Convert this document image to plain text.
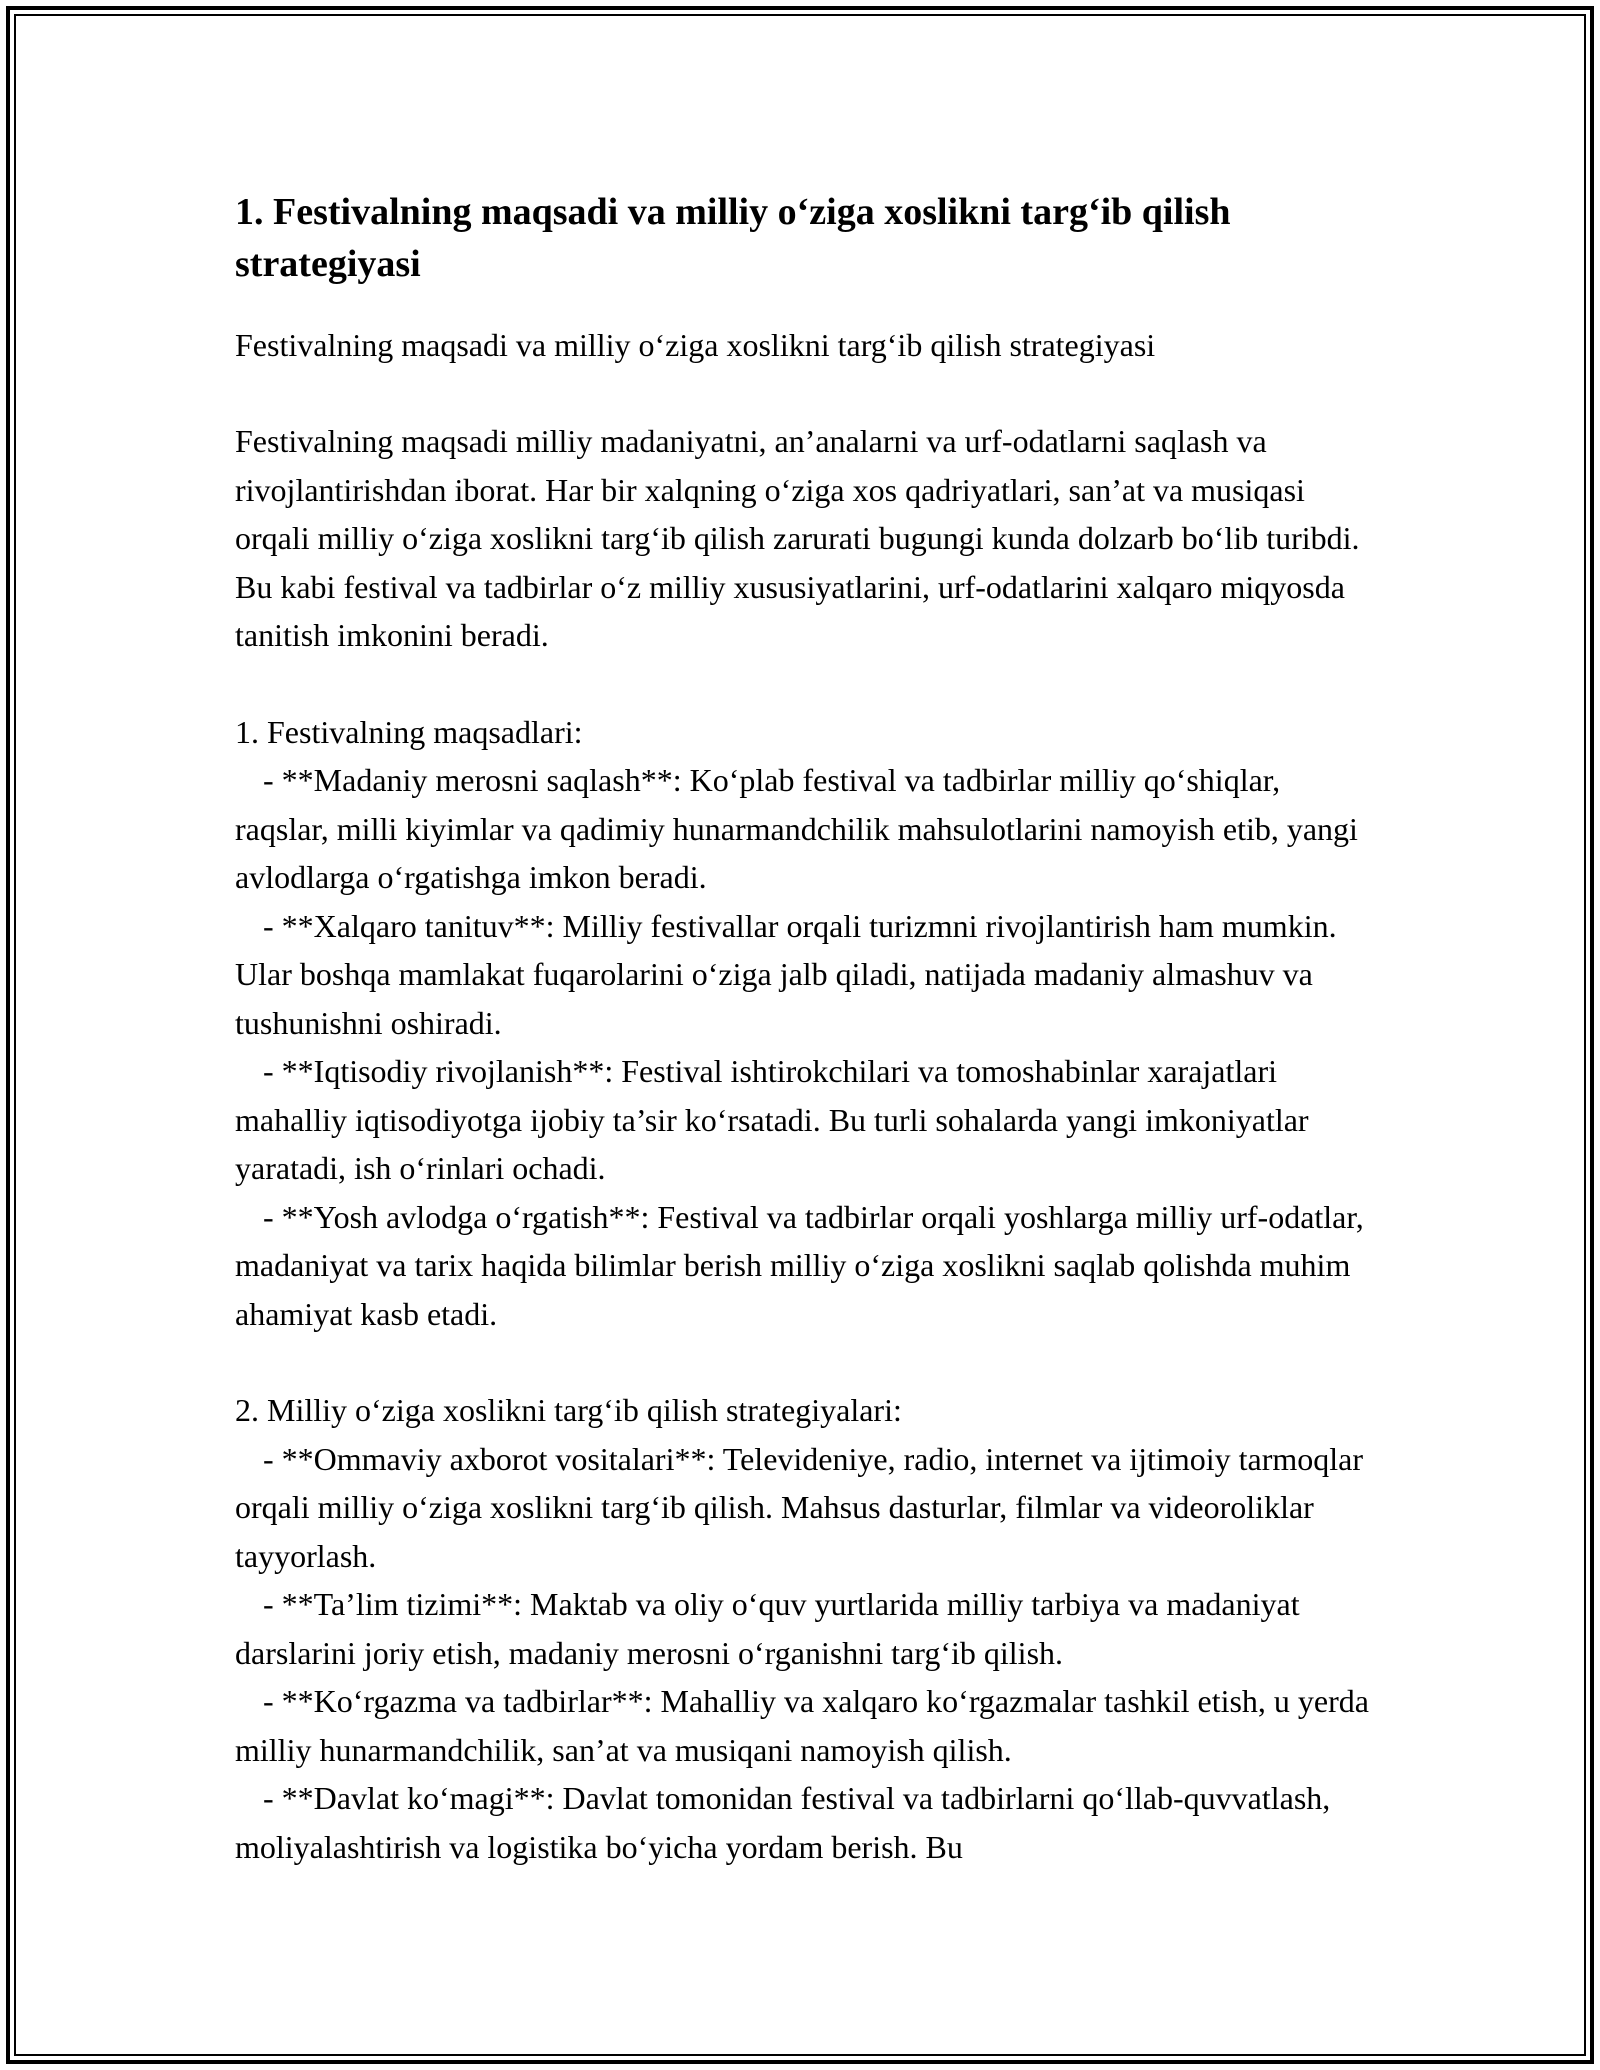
1. Festivalning maqsadi va milliy o‘ziga xoslikni targ‘ib qilish strategiyasi

Festivalning maqsadi va milliy o‘ziga xoslikni targ‘ib qilish strategiyasi

Festivalning maqsadi milliy madaniyatni, an’analarni va urf-odatlarni saqlash va rivojlantirishdan iborat. Har bir xalqning o‘ziga xos qadriyatlari, san’at va musiqasi orqali milliy o‘ziga xoslikni targ‘ib qilish zarurati bugungi kunda dolzarb bo‘lib turibdi. Bu kabi festival va tadbirlar o‘z milliy xususiyatlarini, urf-odatlarini xalqaro miqyosda tanitish imkonini beradi.

1. Festivalning maqsadlari:
- **Madaniy merosni saqlash**: Ko‘plab festival va tadbirlar milliy qo‘shiqlar, raqslar, milli kiyimlar va qadimiy hunarmandchilik mahsulotlarini namoyish etib, yangi avlodlarga o‘rgatishga imkon beradi.
- **Xalqaro tanituv**: Milliy festivallar orqali turizmni rivojlantirish ham mumkin. Ular boshqa mamlakat fuqarolarini o‘ziga jalb qiladi, natijada madaniy almashuv va tushunishni oshiradi.
- **Iqtisodiy rivojlanish**: Festival ishtirokchilari va tomoshabinlar xarajatlari mahalliy iqtisodiyotga ijobiy ta’sir ko‘rsatadi. Bu turli sohalarda yangi imkoniyatlar yaratadi, ish o‘rinlari ochadi.
- **Yosh avlodga o‘rgatish**: Festival va tadbirlar orqali yoshlarga milliy urf-odatlar, madaniyat va tarix haqida bilimlar berish milliy o‘ziga xoslikni saqlab qolishda muhim ahamiyat kasb etadi.
2. Milliy o‘ziga xoslikni targ‘ib qilish strategiyalari:
- **Ommaviy axborot vositalari**: Televideniye, radio, internet va ijtimoiy tarmoqlar orqali milliy o‘ziga xoslikni targ‘ib qilish. Mahsus dasturlar, filmlar va videoroliklar tayyorlash.
- **Ta’lim tizimi**: Maktab va oliy o‘quv yurtlarida milliy tarbiya va madaniyat darslarini joriy etish, madaniy merosni o‘rganishni targ‘ib qilish.
- **Ko‘rgazma va tadbirlar**: Mahalliy va xalqaro ko‘rgazmalar tashkil etish, u yerda milliy hunarmandchilik, san’at va musiqani namoyish qilish.
- **Davlat ko‘magi**: Davlat tomonidan festival va tadbirlarni qo‘llab-quvvatlash, moliyalashtirish va logistika bo‘yicha yordam berish. Bu
